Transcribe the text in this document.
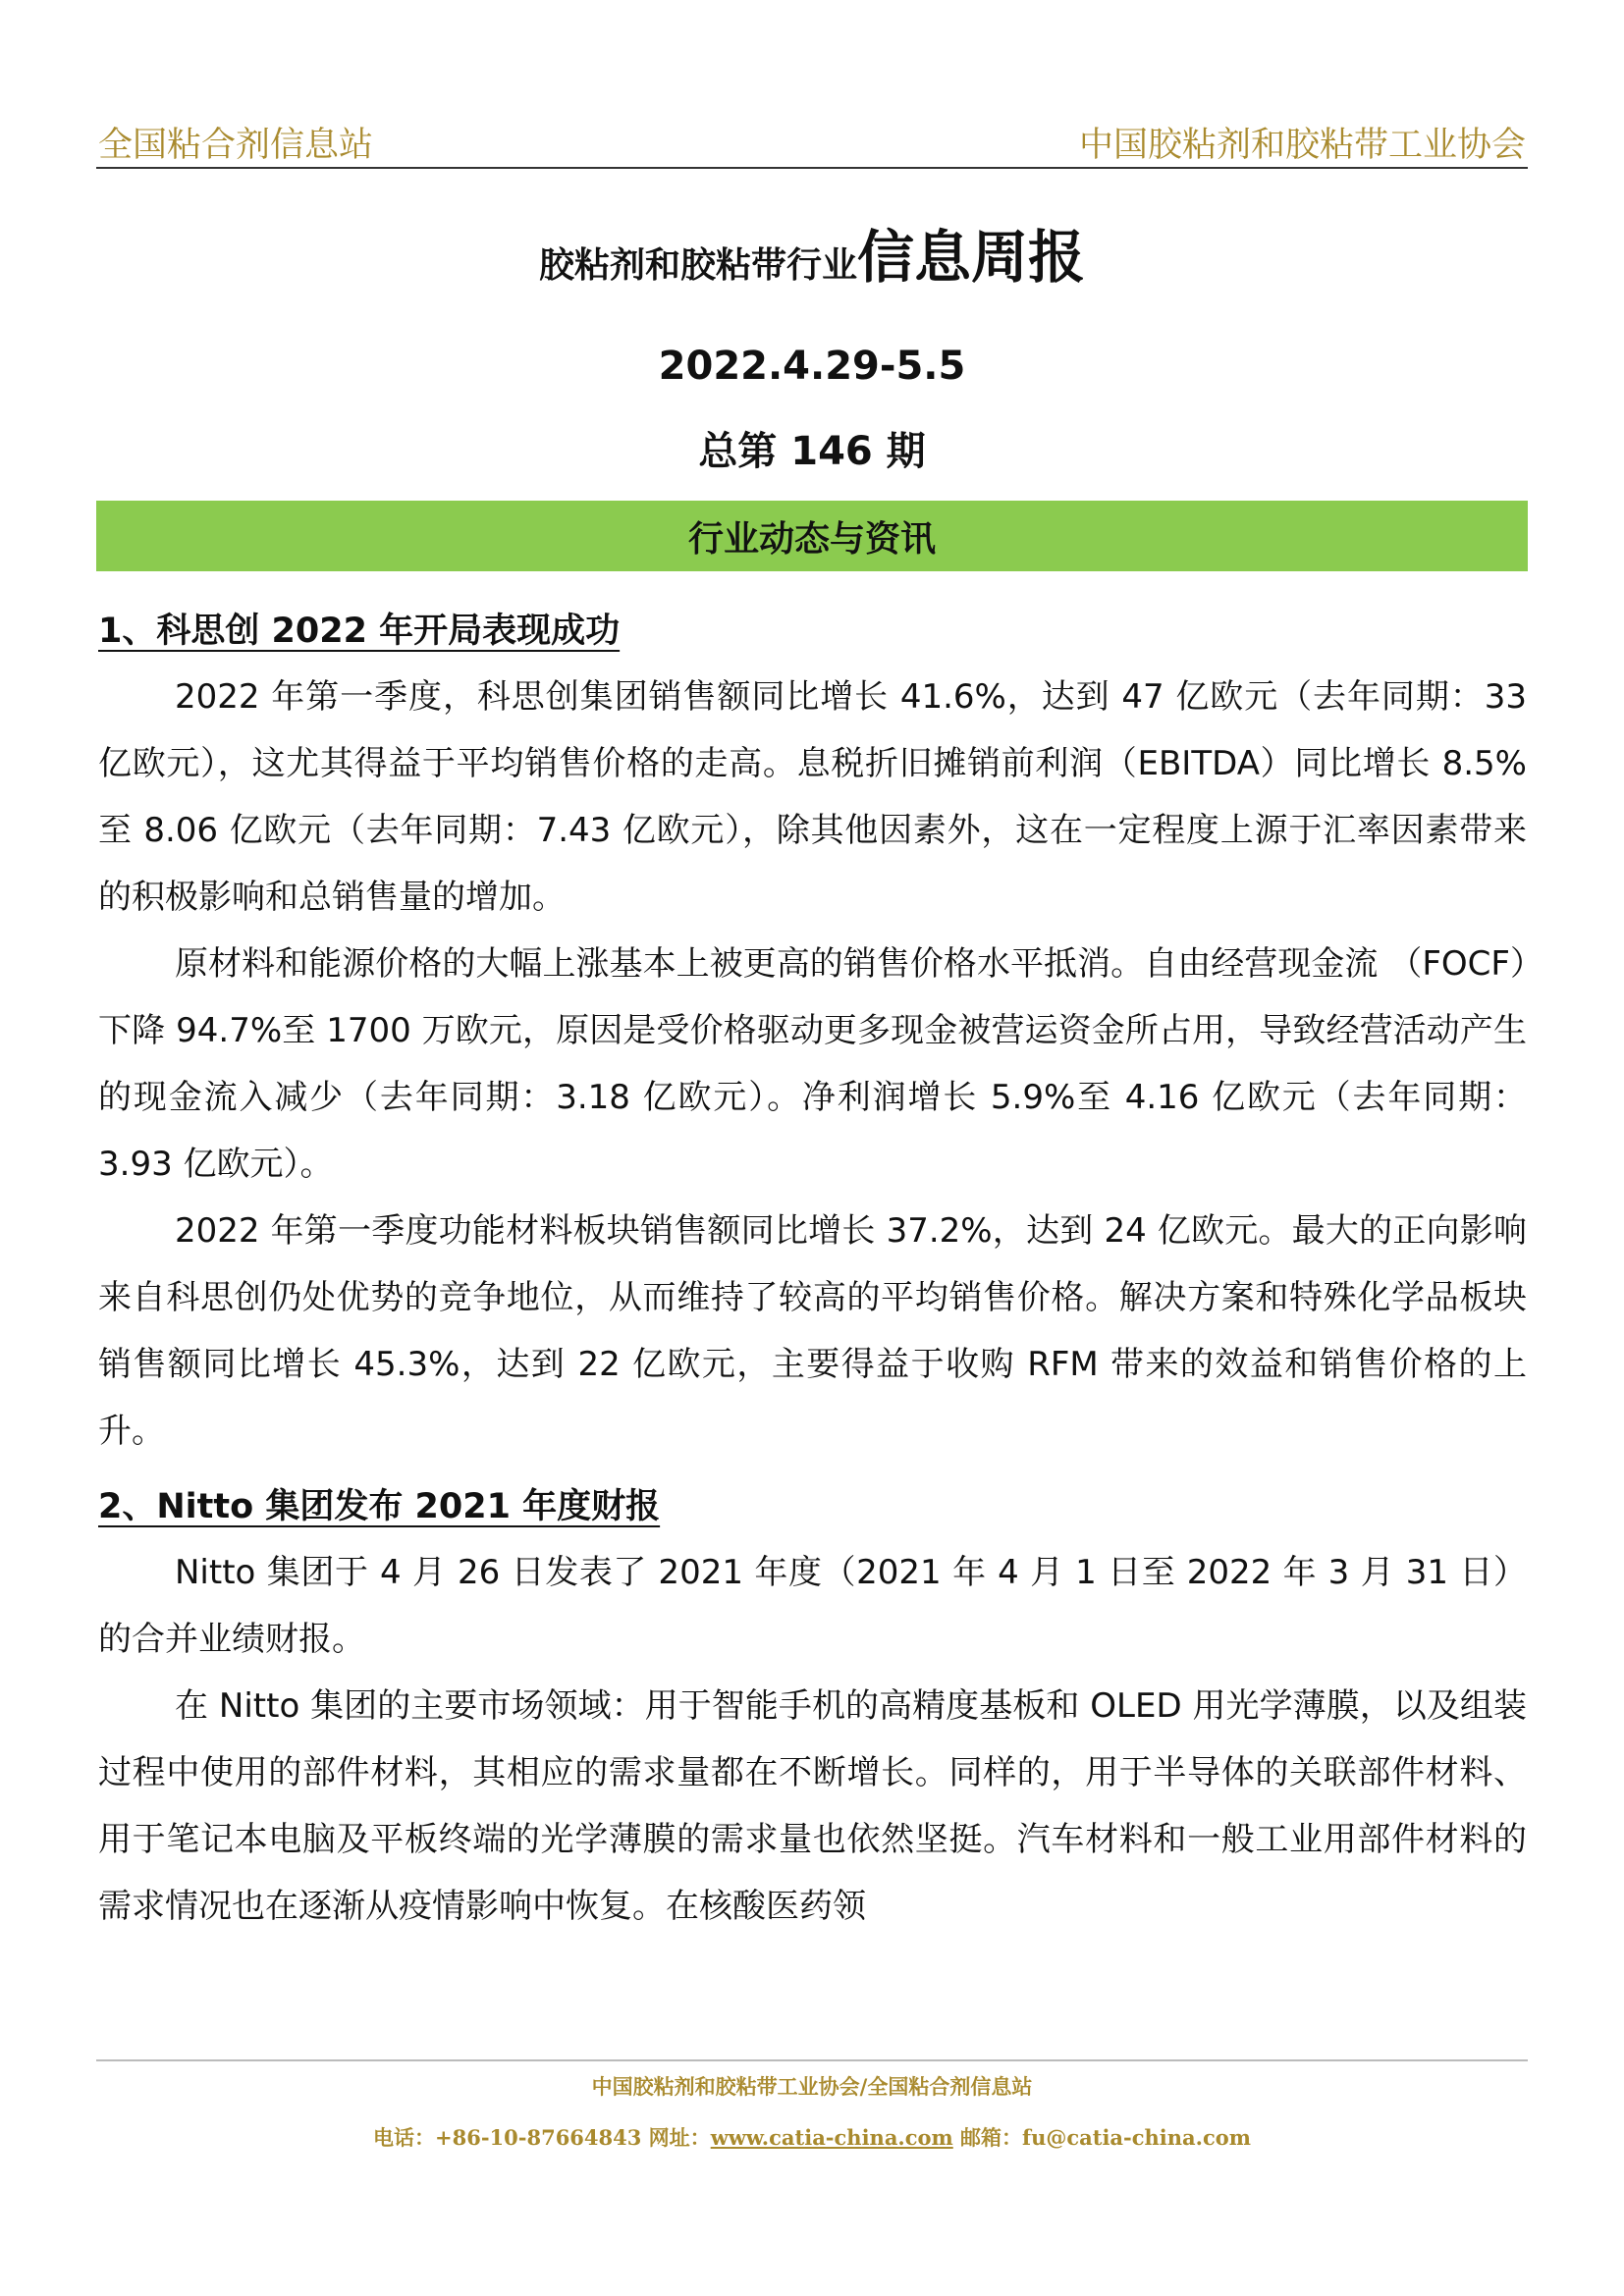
全国粘合剂信息站	中国胶粘剂和胶粘带工业协会
胶粘剂和胶粘带行业信息周报
2022.4.29-5.5
总第 146 期
行业动态与资讯
1、科思创 2022 年开局表现成功

2022 年第一季度，科思创集团销售额同比增长 41.6%，达到 47 亿欧元（去年同期：33 亿欧元），这尤其得益于平均销售价格的走高。息税折旧摊销前利润（EBITDA）同比增长 8.5%至 8.06 亿欧元（去年同期：7.43 亿欧元），除其他因素外，这在一定程度上源于汇率因素带来的积极影响和总销售量的增加。

原材料和能源价格的大幅上涨基本上被更高的销售价格水平抵消。自由经营现金流 （FOCF）下降 94.7%至 1700 万欧元，原因是受价格驱动更多现金被营运资金所占用，导致经营活动产生的现金流入减少（去年同期：3.18 亿欧元）。净利润增长 5.9%至 4.16 亿欧元（去年同期：3.93 亿欧元）。

2022 年第一季度功能材料板块销售额同比增长 37.2%，达到 24 亿欧元。最大的正向影响来自科思创仍处优势的竞争地位，从而维持了较高的平均销售价格。解决方案和特殊化学品板块销售额同比增长 45.3%，达到 22 亿欧元，主要得益于收购 RFM 带来的效益和销售价格的上升。

2、Nitto 集团发布 2021 年度财报

Nitto 集团于 4 月 26 日发表了 2021 年度（2021 年 4 月 1 日至 2022 年 3 月 31 日）的合并业绩财报。

在 Nitto 集团的主要市场领域：用于智能手机的高精度基板和 OLED 用光学薄膜，以及组装过程中使用的部件材料，其相应的需求量都在不断增长。同样的，用于半导体的关联部件材料、用于笔记本电脑及平板终端的光学薄膜的需求量也依然坚挺。汽车材料和一般工业用部件材料的需求情况也在逐渐从疫情影响中恢复。在核酸医药领

中国胶粘剂和胶粘带工业协会/全国粘合剂信息站
电话：+86-10-87664843 网址：www.catia-china.com 邮箱：fu@catia-china.com
